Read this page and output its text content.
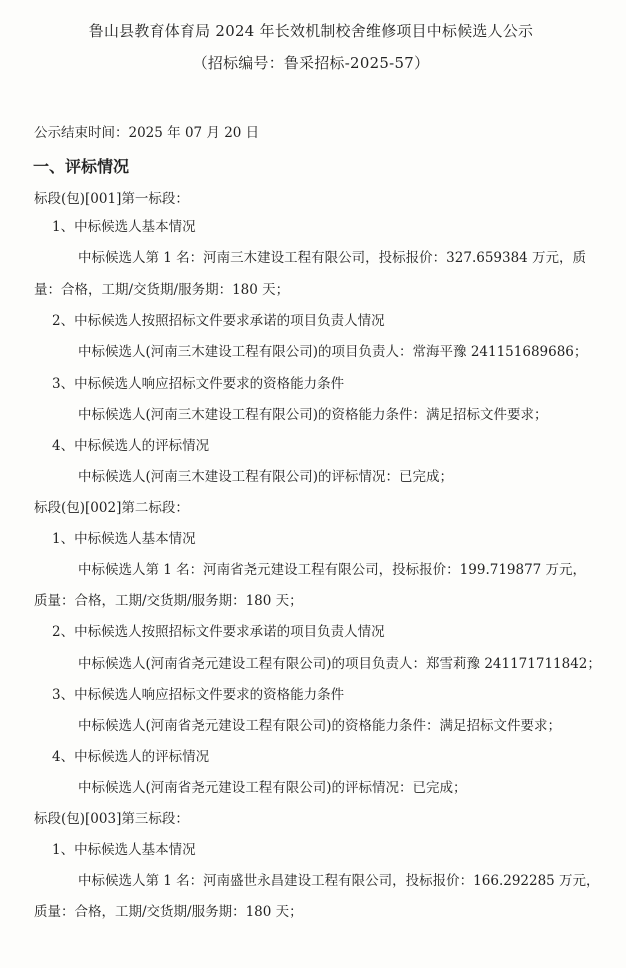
鲁山县教育体育局 2024 年长效机制校舍维修项目中标候选人公示
（招标编号：鲁采招标-2025-57）
公示结束时间：2025 年 07 月 20 日
一、评标情况
标段(包)[001]第一标段：
1、中标候选人基本情况
中标候选人第 1 名：河南三木建设工程有限公司，投标报价：327.659384 万元，质
量：合格，工期/交货期/服务期：180 天；
2、中标候选人按照招标文件要求承诺的项目负责人情况
中标候选人(河南三木建设工程有限公司)的项目负责人：常海平豫 241151689686；
3、中标候选人响应招标文件要求的资格能力条件
中标候选人(河南三木建设工程有限公司)的资格能力条件：满足招标文件要求；
4、中标候选人的评标情况
中标候选人(河南三木建设工程有限公司)的评标情况：已完成；
标段(包)[002]第二标段：
1、中标候选人基本情况
中标候选人第 1 名：河南省尧元建设工程有限公司，投标报价：199.719877 万元，
质量：合格，工期/交货期/服务期：180 天；
2、中标候选人按照招标文件要求承诺的项目负责人情况
中标候选人(河南省尧元建设工程有限公司)的项目负责人：郑雪莉豫 241171711842；
3、中标候选人响应招标文件要求的资格能力条件
中标候选人(河南省尧元建设工程有限公司)的资格能力条件：满足招标文件要求；
4、中标候选人的评标情况
中标候选人(河南省尧元建设工程有限公司)的评标情况：已完成；
标段(包)[003]第三标段：
1、中标候选人基本情况
中标候选人第 1 名：河南盛世永昌建设工程有限公司，投标报价：166.292285 万元，
质量：合格，工期/交货期/服务期：180 天；
